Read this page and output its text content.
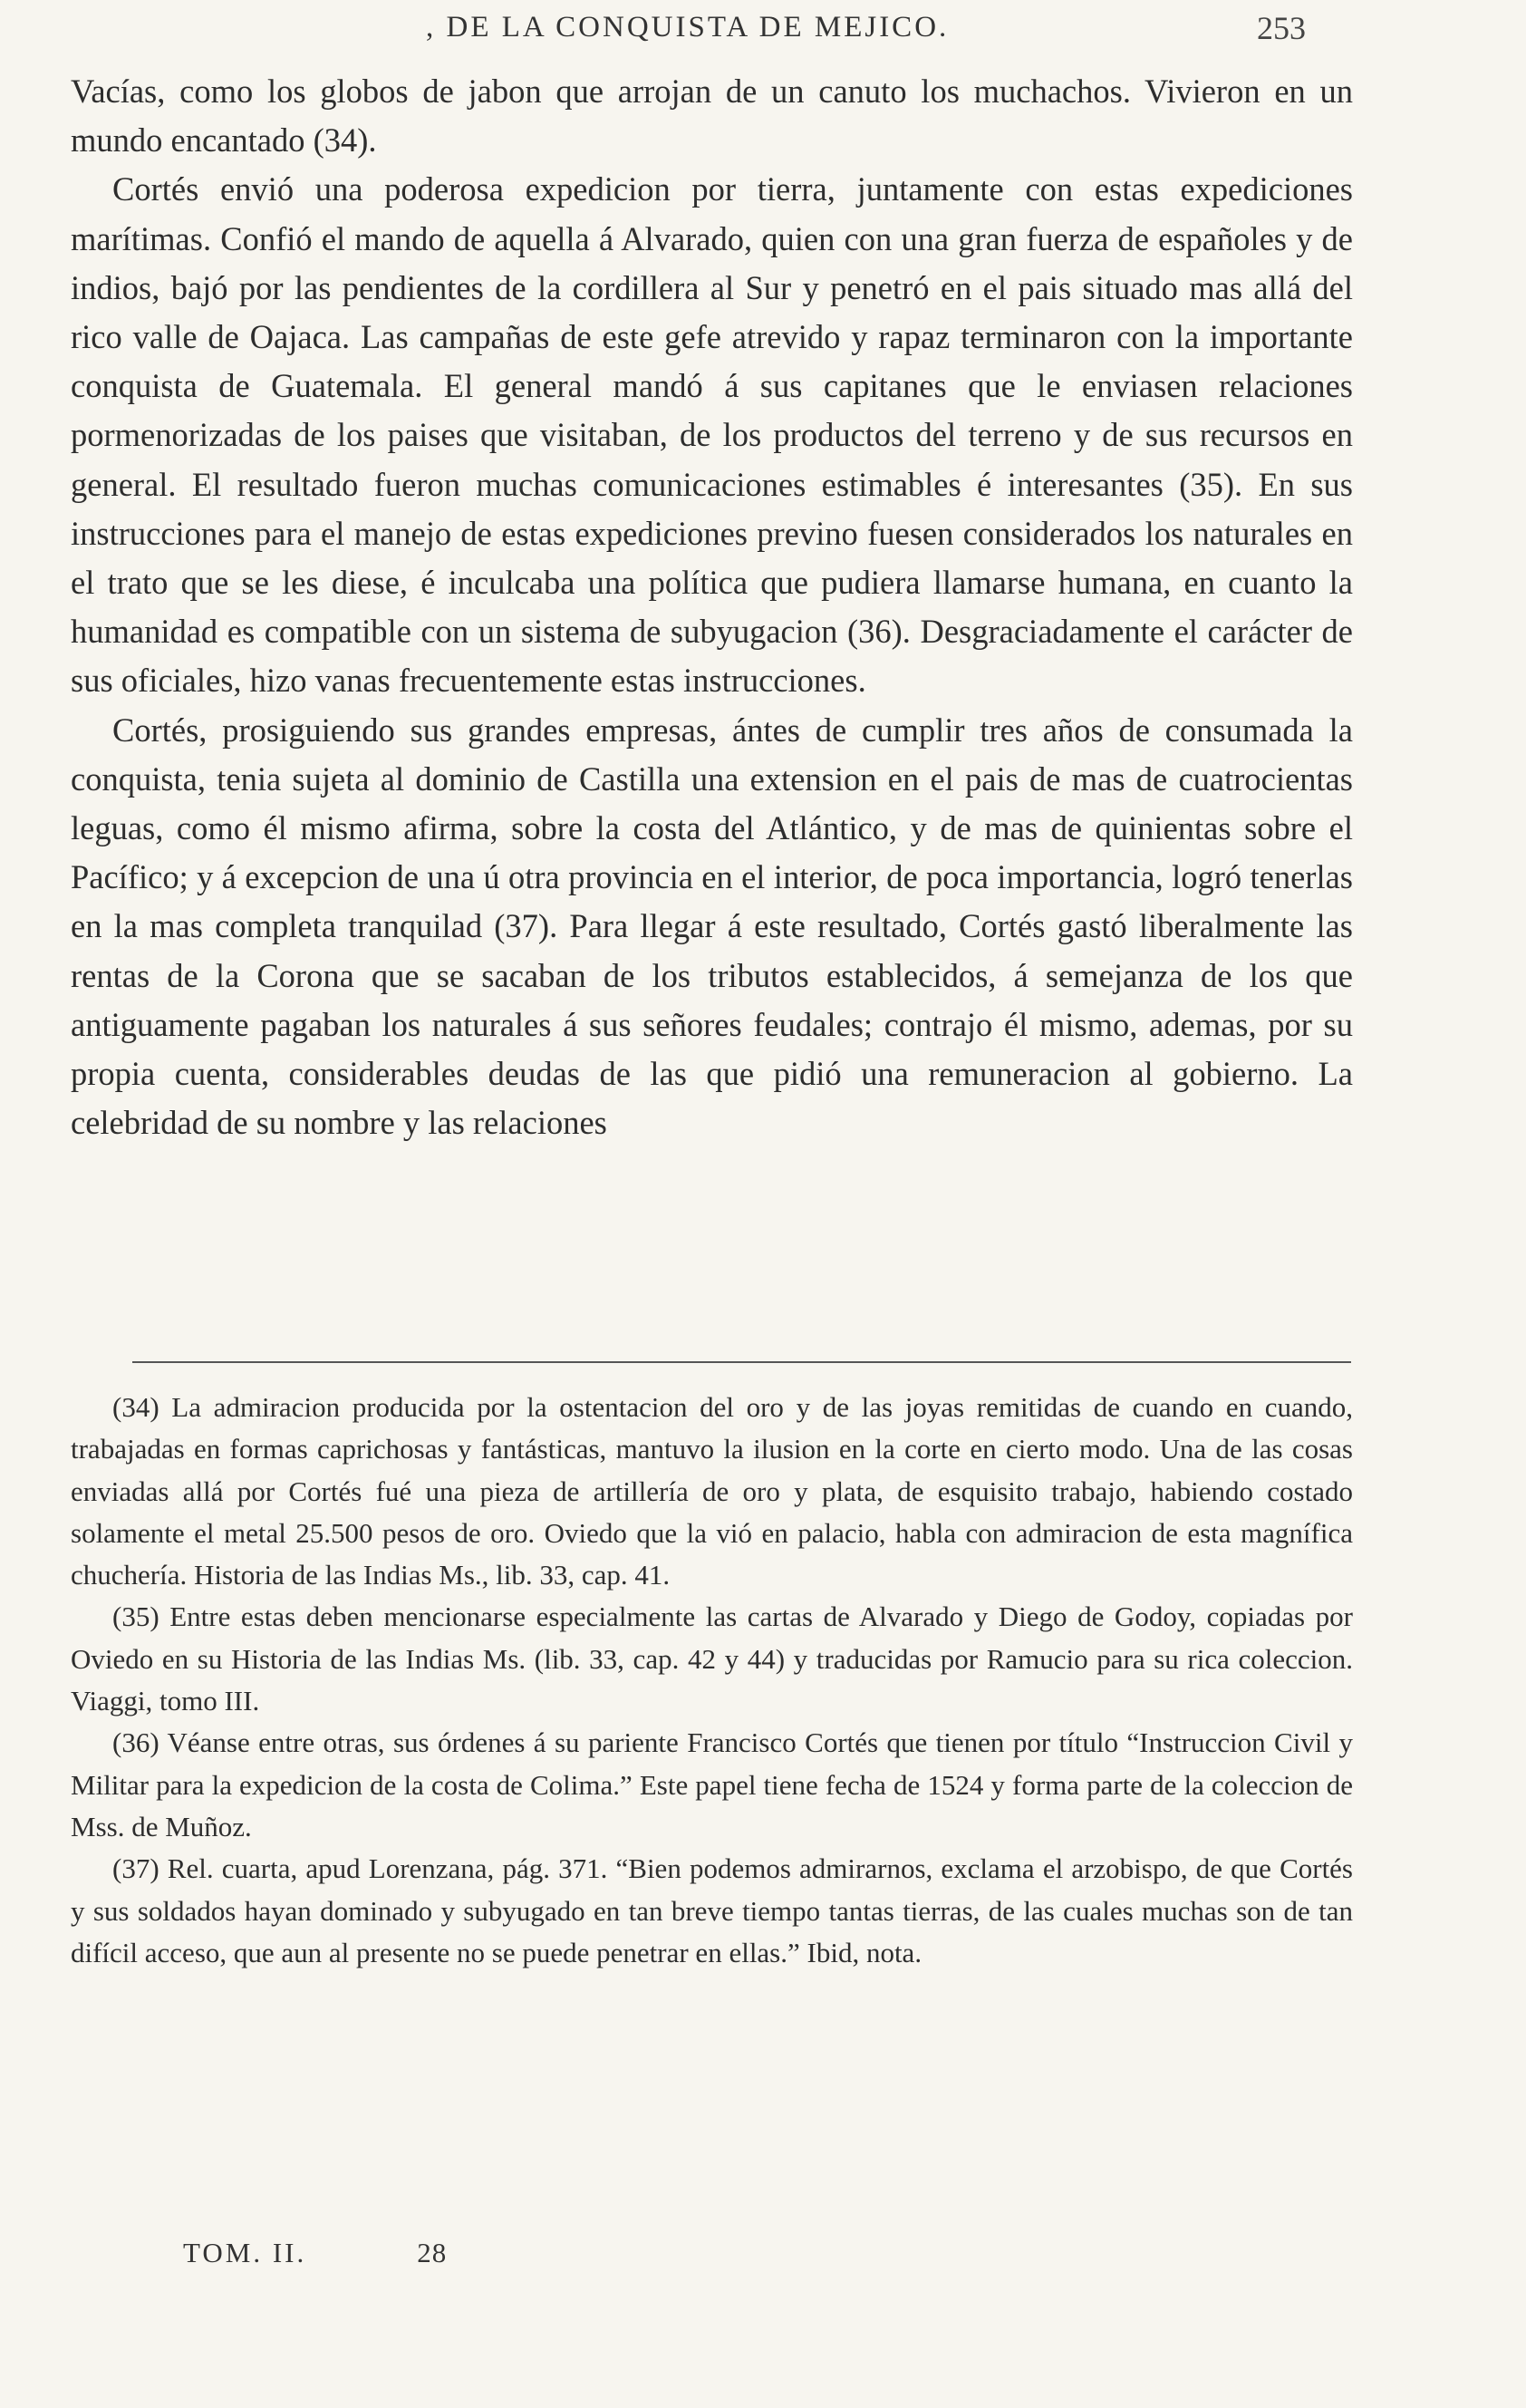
, DE LA CONQUISTA DE MEJICO.	253

Vacías, como los globos de jabon que arrojan de un canuto los muchachos. Vivieron en un mundo encantado (34).

Cortés envió una poderosa expedicion por tierra, juntamente con estas expediciones marítimas. Confió el mando de aquella á Alvarado, quien con una gran fuerza de españoles y de indios, bajó por las pendientes de la cordillera al Sur y penetró en el pais situado mas allá del rico valle de Oajaca. Las campañas de este gefe atrevido y rapaz terminaron con la importante conquista de Guatemala. El general mandó á sus capitanes que le enviasen relaciones pormenorizadas de los paises que visitaban, de los productos del terreno y de sus recursos en general. El resultado fueron muchas comunicaciones estimables é interesantes (35). En sus instrucciones para el manejo de estas expediciones previno fuesen considerados los naturales en el trato que se les diese, é inculcaba una política que pudiera llamarse humana, en cuanto la humanidad es compatible con un sistema de subyugacion (36). Desgraciadamente el carácter de sus oficiales, hizo vanas frecuentemente estas instrucciones.

Cortés, prosiguiendo sus grandes empresas, ántes de cumplir tres años de consumada la conquista, tenia sujeta al dominio de Castilla una extension en el pais de mas de cuatrocientas leguas, como él mismo afirma, sobre la costa del Atlántico, y de mas de quinientas sobre el Pacífico; y á excepcion de una ú otra provincia en el interior, de poca importancia, logró tenerlas en la mas completa tranquilad (37). Para llegar á este resultado, Cortés gastó liberalmente las rentas de la Corona que se sacaban de los tributos establecidos, á semejanza de los que antiguamente pagaban los naturales á sus señores feudales; contrajo él mismo, ademas, por su propia cuenta, considerables deudas de las que pidió una remuneracion al gobierno. La celebridad de su nombre y las relaciones

(34) La admiracion producida por la ostentacion del oro y de las joyas remitidas de cuando en cuando, trabajadas en formas caprichosas y fantásticas, mantuvo la ilusion en la corte en cierto modo. Una de las cosas enviadas allá por Cortés fué una pieza de artillería de oro y plata, de esquisito trabajo, habiendo costado solamente el metal 25.500 pesos de oro. Oviedo que la vió en palacio, habla con admiracion de esta magnífica chuchería. Historia de las Indias Ms., lib. 33, cap. 41.

(35) Entre estas deben mencionarse especialmente las cartas de Alvarado y Diego de Godoy, copiadas por Oviedo en su Historia de las Indias Ms. (lib. 33, cap. 42 y 44) y traducidas por Ramucio para su rica coleccion. Viaggi, tomo III.

(36) Véanse entre otras, sus órdenes á su pariente Francisco Cortés que tienen por título “Instruccion Civil y Militar para la expedicion de la costa de Colima.” Este papel tiene fecha de 1524 y forma parte de la coleccion de Mss. de Muñoz.

(37) Rel. cuarta, apud Lorenzana, pág. 371. “Bien podemos admirarnos, exclama el arzobispo, de que Cortés y sus soldados hayan dominado y subyugado en tan breve tiempo tantas tierras, de las cuales muchas son de tan difícil acceso, que aun al presente no se puede penetrar en ellas.” Ibid, nota.

TOM. II.	28
